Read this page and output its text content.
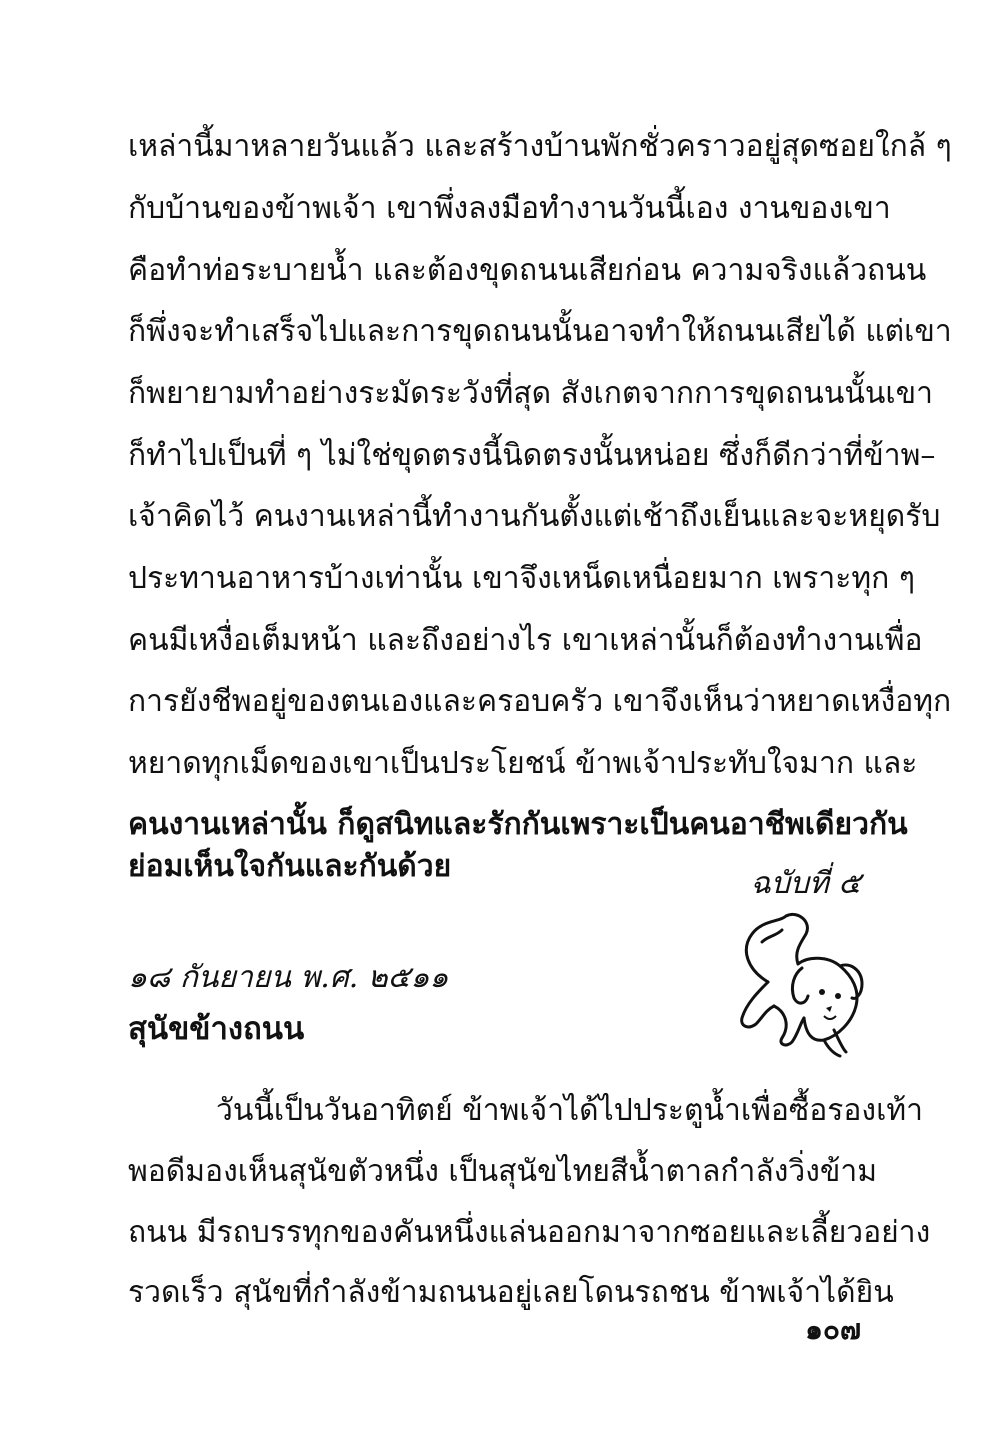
เหล่านี้มาหลายวันแล้ว และสร้างบ้านพักชั่วคราวอยู่สุดซอยใกล้ ๆ
กับบ้านของข้าพเจ้า เขาพึ่งลงมือทำงานวันนี้เอง งานของเขา
คือทำท่อระบายน้ำ และต้องขุดถนนเสียก่อน ความจริงแล้วถนน
ก็พึ่งจะทำเสร็จไปและการขุดถนนนั้นอาจทำให้ถนนเสียได้ แต่เขา
ก็พยายามทำอย่างระมัดระวังที่สุด สังเกตจากการขุดถนนนั้นเขา
ก็ทำไปเป็นที่ ๆ ไม่ใช่ขุดตรงนี้นิดตรงนั้นหน่อย ซึ่งก็ดีกว่าที่ข้าพ–
เจ้าคิดไว้ คนงานเหล่านี้ทำงานกันตั้งแต่เช้าถึงเย็นและจะหยุดรับ
ประทานอาหารบ้างเท่านั้น เขาจึงเหน็ดเหนื่อยมาก เพราะทุก ๆ
คนมีเหงื่อเต็มหน้า และถึงอย่างไร เขาเหล่านั้นก็ต้องทำงานเพื่อ
การยังชีพอยู่ของตนเองและครอบครัว เขาจึงเห็นว่าหยาดเหงื่อทุก
หยาดทุกเม็ดของเขาเป็นประโยชน์ ข้าพเจ้าประทับใจมาก และ
คนงานเหล่านั้น ก็ดูสนิทและรักกันเพราะเป็นคนอาชีพเดียวกัน
ย่อมเห็นใจกันและกันด้วย	ฉบับที่ ๕
๑๘ กันยายน พ.ศ. ๒๕๑๑
สุนัขข้างถนน
วันนี้เป็นวันอาทิตย์ ข้าพเจ้าได้ไปประตูน้ำเพื่อซื้อรองเท้า
พอดีมองเห็นสุนัขตัวหนึ่ง เป็นสุนัขไทยสีน้ำตาลกำลังวิ่งข้าม
ถนน มีรถบรรทุกของคันหนึ่งแล่นออกมาจากซอยและเลี้ยวอย่าง
รวดเร็ว สุนัขที่กำลังข้ามถนนอยู่เลยโดนรถชน ข้าพเจ้าได้ยิน
๑๐๗
